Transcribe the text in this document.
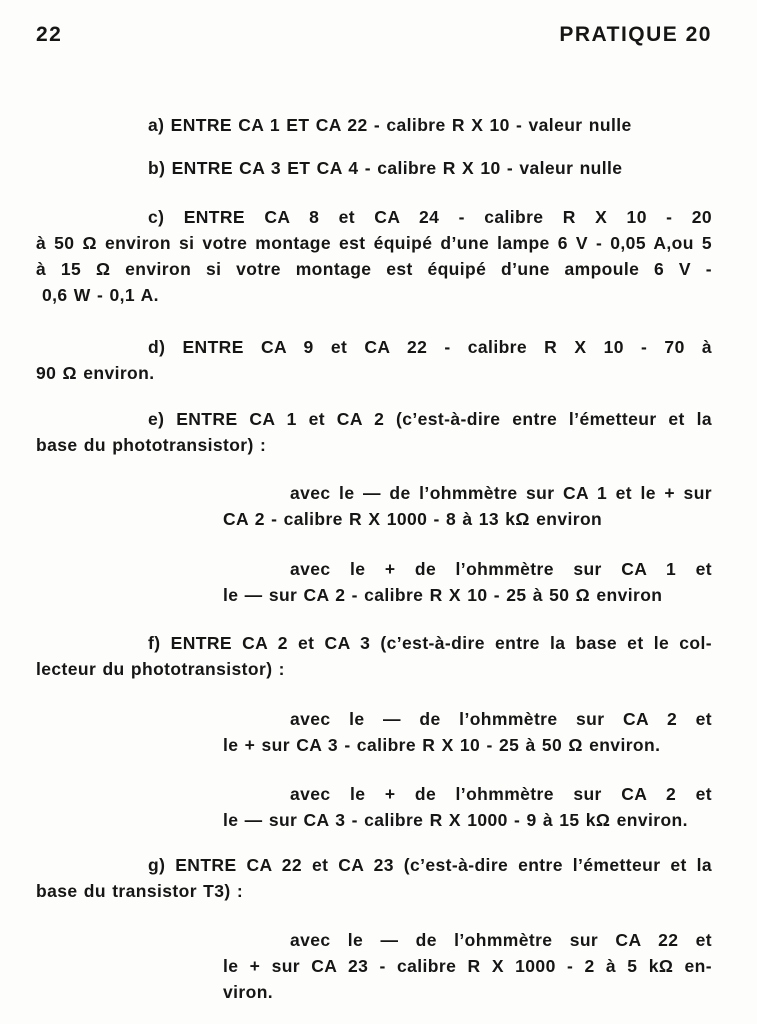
22	PRATIQUE 20
a) ENTRE CA 1 ET CA 22 - calibre R X 10 - valeur nulle
b) ENTRE CA 3 ET CA 4 - calibre R X 10 - valeur nulle
c) ENTRE CA 8 et CA 24 - calibre R X 10 - 20
à 50 Ω environ si votre montage est équipé d’une lampe 6 V - 0,05 A,ou 5
à 15 Ω environ si votre montage est équipé d’une ampoule 6 V -
0,6 W - 0,1 A.
d) ENTRE CA 9 et CA 22 - calibre R X 10 - 70 à
90 Ω environ.
e) ENTRE CA 1 et CA 2 (c’est-à-dire entre l’émetteur et la
base du phototransistor) :
avec le — de l’ohmmètre sur CA 1 et le + sur
CA 2 - calibre R X 1000 - 8 à 13 kΩ environ
avec le + de l’ohmmètre sur CA 1 et
le — sur CA 2 - calibre R X 10 - 25 à 50 Ω environ
f) ENTRE CA 2 et CA 3 (c’est-à-dire entre la base et le col-
lecteur du phototransistor) :
avec le — de l’ohmmètre sur CA 2 et
le + sur CA 3 - calibre R X 10 - 25 à 50 Ω environ.
avec le + de l’ohmmètre sur CA 2 et
le — sur CA 3 - calibre R X 1000 - 9 à 15 kΩ environ.
g) ENTRE CA 22 et CA 23 (c’est-à-dire entre l’émetteur et la
base du transistor T3) :
avec le — de l’ohmmètre sur CA 22 et
le + sur CA 23 - calibre R X 1000 - 2 à 5 kΩ en-
viron.
